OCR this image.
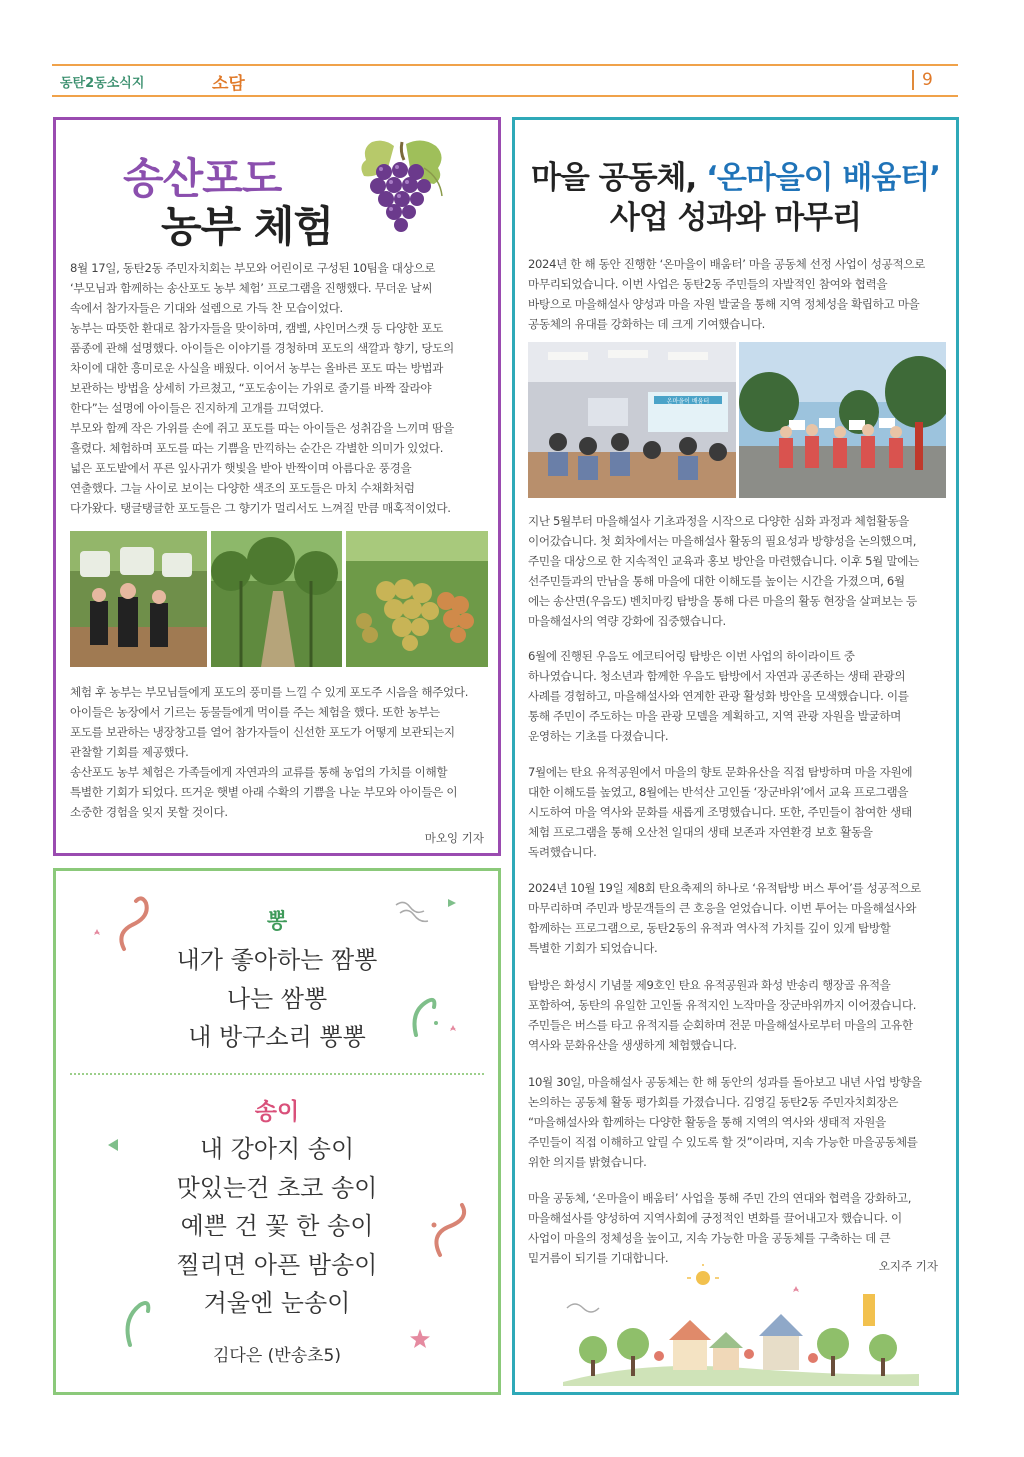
동탄2동소식지	소담	9
송산포도
농부 체험
8월 17일, 동탄2동 주민자치회는 부모와 어린이로 구성된 10팀을 대상으로
‘부모님과 함께하는 송산포도 농부 체험’ 프로그램을 진행했다. 무더운 날씨
속에서 참가자들은 기대와 설렘으로 가득 찬 모습이었다.
농부는 따뜻한 환대로 참가자들을 맞이하며, 캠벨, 샤인머스캣 등 다양한 포도
품종에 관해 설명했다. 아이들은 이야기를 경청하며 포도의 색깔과 향기, 당도의
차이에 대한 흥미로운 사실을 배웠다. 이어서 농부는 올바른 포도 따는 방법과
보관하는 방법을 상세히 가르쳤고, “포도송이는 가위로 줄기를 바짝 잘라야
한다”는 설명에 아이들은 진지하게 고개를 끄덕였다.
부모와 함께 작은 가위를 손에 쥐고 포도를 따는 아이들은 성취감을 느끼며 땀을
흘렸다. 체험하며 포도를 따는 기쁨을 만끽하는 순간은 각별한 의미가 있었다.
넓은 포도밭에서 푸른 잎사귀가 햇빛을 받아 반짝이며 아름다운 풍경을
연출했다. 그늘 사이로 보이는 다양한 색조의 포도들은 마치 수채화처럼
다가왔다. 탱글탱글한 포도들은 그 향기가 멀리서도 느껴질 만큼 매혹적이었다.
체험 후 농부는 부모님들에게 포도의 풍미를 느낄 수 있게 포도주 시음을 해주었다.
아이들은 농장에서 기르는 동물들에게 먹이를 주는 체험을 했다. 또한 농부는
포도를 보관하는 냉장창고를 열어 참가자들이 신선한 포도가 어떻게 보관되는지
관찰할 기회를 제공했다.
송산포도 농부 체험은 가족들에게 자연과의 교류를 통해 농업의 가치를 이해할
특별한 기회가 되었다. 뜨거운 햇볕 아래 수확의 기쁨을 나눈 부모와 아이들은 이
소중한 경험을 잊지 못할 것이다.
마오잉 기자
뽕
내가 좋아하는 짬뽕
나는 쌈뽕
내 방구소리 뽕뽕
송이
내 강아지 송이
맛있는건 초코 송이
예쁜 건 꽃 한 송이
찔리면 아픈 밤송이
겨울엔 눈송이
김다은 (반송초5)
마을 공동체, ‘온마을이 배움터’
사업 성과와 마무리
2024년 한 해 동안 진행한 ‘온마을이 배움터’ 마을 공동체 선정 사업이 성공적으로
마무리되었습니다. 이번 사업은 동탄2동 주민들의 자발적인 참여와 협력을
바탕으로 마을해설사 양성과 마을 자원 발굴을 통해 지역 정체성을 확립하고 마을
공동체의 유대를 강화하는 데 크게 기여했습니다.
온마을이 배움터
지난 5월부터 마을해설사 기초과정을 시작으로 다양한 심화 과정과 체험활동을
이어갔습니다. 첫 회차에서는 마을해설사 활동의 필요성과 방향성을 논의했으며,
주민을 대상으로 한 지속적인 교육과 홍보 방안을 마련했습니다. 이후 5월 말에는
선주민들과의 만남을 통해 마을에 대한 이해도를 높이는 시간을 가졌으며, 6월
에는 송산면(우음도) 벤치마킹 탐방을 통해 다른 마을의 활동 현장을 살펴보는 등
마을해설사의 역량 강화에 집중했습니다.
6월에 진행된 우음도 에코티어링 탐방은 이번 사업의 하이라이트 중
하나였습니다. 청소년과 함께한 우음도 탐방에서 자연과 공존하는 생태 관광의
사례를 경험하고, 마을해설사와 연계한 관광 활성화 방안을 모색했습니다. 이를
통해 주민이 주도하는 마을 관광 모델을 계획하고, 지역 관광 자원을 발굴하며
운영하는 기초를 다졌습니다.
7월에는 탄요 유적공원에서 마을의 향토 문화유산을 직접 탐방하며 마을 자원에
대한 이해도를 높였고, 8월에는 반석산 고인돌 ‘장군바위’에서 교육 프로그램을
시도하여 마을 역사와 문화를 새롭게 조명했습니다. 또한, 주민들이 참여한 생태
체험 프로그램을 통해 오산천 일대의 생태 보존과 자연환경 보호 활동을
독려했습니다.
2024년 10월 19일 제8회 탄요축제의 하나로 ‘유적탐방 버스 투어’를 성공적으로
마무리하며 주민과 방문객들의 큰 호응을 얻었습니다. 이번 투어는 마을해설사와
함께하는 프로그램으로, 동탄2동의 유적과 역사적 가치를 깊이 있게 탐방할
특별한 기회가 되었습니다.
탐방은 화성시 기념물 제9호인 탄요 유적공원과 화성 반송리 행장골 유적을
포함하여, 동탄의 유일한 고인돌 유적지인 노작마을 장군바위까지 이어졌습니다.
주민들은 버스를 타고 유적지를 순회하며 전문 마을해설사로부터 마을의 고유한
역사와 문화유산을 생생하게 체험했습니다.
10월 30일, 마을해설사 공동체는 한 해 동안의 성과를 돌아보고 내년 사업 방향을
논의하는 공동체 활동 평가회를 가졌습니다. 김영길 동탄2동 주민자치회장은
“마을해설사와 함께하는 다양한 활동을 통해 지역의 역사와 생태적 자원을
주민들이 직접 이해하고 알릴 수 있도록 할 것”이라며, 지속 가능한 마을공동체를
위한 의지를 밝혔습니다.
마을 공동체, ‘온마을이 배움터’ 사업을 통해 주민 간의 연대와 협력을 강화하고,
마을해설사를 양성하여 지역사회에 긍정적인 변화를 끌어내고자 했습니다. 이
사업이 마을의 정체성을 높이고, 지속 가능한 마을 공동체를 구축하는 데 큰
밑거름이 되기를 기대합니다.
오지주 기자
